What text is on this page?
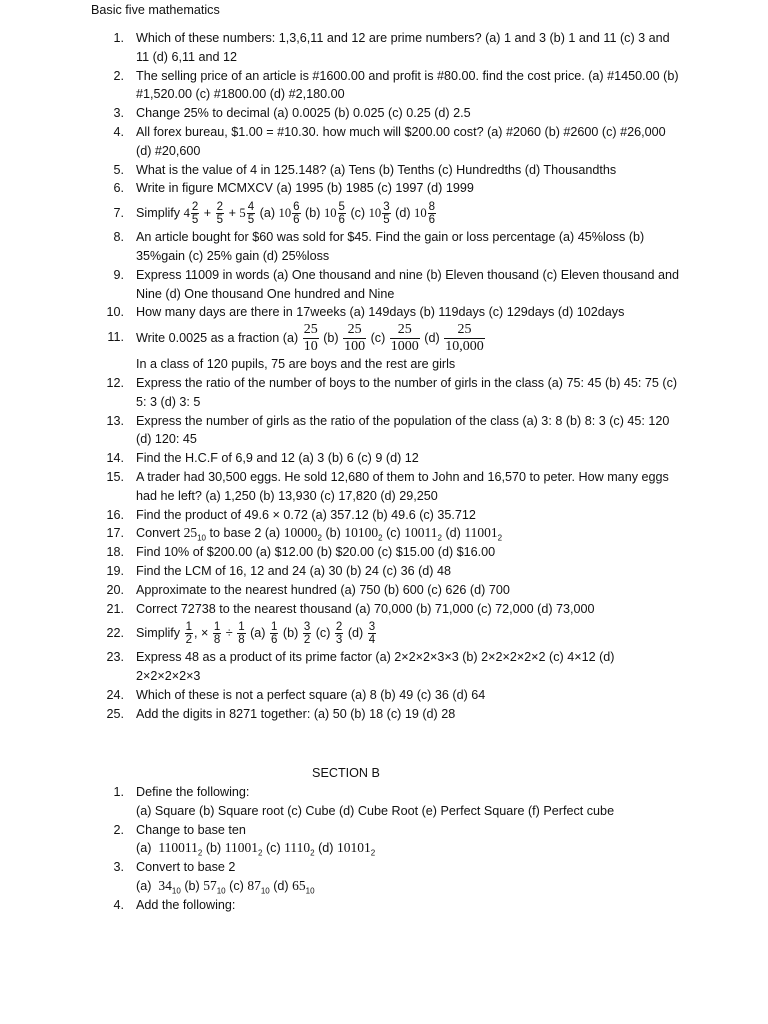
Basic five mathematics
1. Which of these numbers: 1,3,6,11 and 12 are prime numbers? (a) 1 and 3 (b) 1 and 11 (c) 3 and 11 (d) 6,11 and 12
2. The selling price of an article is #1600.00 and profit is #80.00. find the cost price. (a) #1450.00 (b) #1,520.00 (c) #1800.00 (d) #2,180.00
3. Change 25% to decimal (a) 0.0025 (b) 0.025 (c) 0.25 (d) 2.5
4. All forex bureau, $1.00 = #10.30. how much will $200.00 cost? (a) #2060 (b) #2600 (c) #26,000 (d) #20,600
5. What is the value of 4 in 125.148? (a) Tens (b) Tenths (c) Hundredths (d) Thousandths
6. Write in figure MCMXCV (a) 1995 (b) 1985 (c) 1997 (d) 1999
7. Simplify $4 \frac{2}{5} + \frac{2}{5} + 5 \frac{4}{5} (a)$ $10 \frac{6}{6} (b)$ $10 \frac{5}{6} (c)$ $10 \frac{3}{5} (d)$ $10 \frac{8}{6}$
8. An article bought for $60 was sold for $45. Find the gain or loss percentage (a) 45%loss (b) 35%gain (c) 25% gain (d) 25%loss
9. Express 11009 in words (a) One thousand and nine (b) Eleven thousand (c) Eleven thousand and Nine (d) One thousand One hundred and Nine
10. How many days are there in 17weeks (a) 149days (b) 119days (c) 129days (d) 102days
11. Write 0.0025 as a fraction $(a) \frac{25}{10} (b) \frac{25}{100} (c) \frac{25}{1000} (d) \frac{25}{10,000}$
In a class of 120 pupils, 75 are boys and the rest are girls
12. Express the ratio of the number of boys to the number of girls in the class (a) 75: 45 (b) 45: 75 (c) 5: 3 (d) 3: 5
13. Express the number of girls as the ratio of the population of the class (a) 3: 8 (b) 8: 3 (c) 45: 120 (d) 120: 45
14. Find the H.C.F of 6,9 and 12 (a) 3 (b) 6 (c) 9 (d) 12
15. A trader had 30,500 eggs. He sold 12,680 of them to John and 16,570 to peter. How many eggs had he left? (a) 1,250 (b) 13,930 (c) 17,820 (d) 29,250
16. Find the product of 49.6 × 0.72 (a) 357.12 (b) 49.6 (c) 35.712
17. Convert $25_{10}$ to base 2 (a) $10000_2$ (b) $10100_2$ (c) $10011_2$ (d) $11001_2$
18. Find 10% of $200.00 (a) $12.00 (b) $20.00 (c) $15.00 (d) $16.00
19. Find the LCM of 16, 12 and 24 (a) 30 (b) 24 (c) 36 (d) 48
20. Approximate to the nearest hundred (a) 750 (b) 600 (c) 626 (d) 700
21. Correct 72738 to the nearest thousand (a) 70,000 (b) 71,000 (c) 72,000 (d) 73,000
22. Simplify $\frac{1}{2}$ , × $\frac{1}{8} \div \frac{1}{8} (a) \frac{1}{6} (b) \frac{3}{2} (c) \frac{2}{3} (d) \frac{3}{4}$
23. Express 48 as a product of its prime factor (a) 2×2×2×3×3 (b) 2×2×2×2×2 (c) 4×12 (d) 2×2×2×2×3
24. Which of these is not a perfect square (a) 8 (b) 49 (c) 36 (d) 64
25. Add the digits in 8271 together: (a) 50 (b) 18 (c) 19 (d) 28
SECTION B
1. Define the following:
(a) Square (b) Square root (c) Cube (d) Cube Root (e) Perfect Square (f) Perfect cube
2. Change to base ten
(a) $110011_2$ (b) $11001_2$ (c) $1110_2$ (d) $10101_2$
3. Convert to base 2
(a) $34_{10}$ (b) $57_{10}$ (c) $87_{10}$ (d) $65_{10}$
4. Add the following:
